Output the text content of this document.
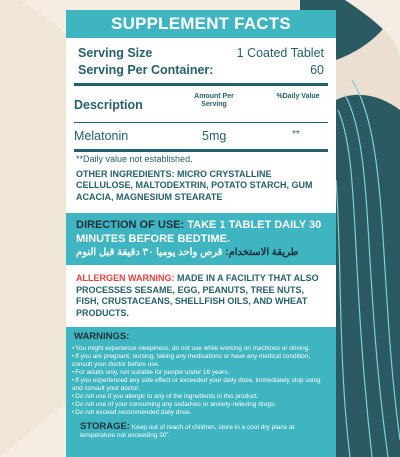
SUPPLEMENT FACTS
Serving Size	1 Coated Tablet
Serving Per Container:	60
Description
Amount Per Serving
%Daily Value
Melatonin	5mg	**
**Daily value not established.
OTHER INGREDIENTS: MICRO CRYSTALLINE CELLULOSE, MALTODEXTRIN, POTATO STARCH, GUM ACACIA, MAGNESIUM STEARATE
DIRECTION OF USE: TAKE 1 TABLET DAILY 30 MINUTES BEFORE BEDTIME.
طريقة الاستخدام: قرص واحد يوميا ٣٠ دقيقة قبل النوم
ALLERGEN WARNING: MADE IN A FACILITY THAT ALSO PROCESSES SESAME, EGG, PEANUTS, TREE NUTS, FISH, CRUSTACEANS, SHELLFISH OILS, AND WHEAT PRODUCTS.
WARNINGS:
• You might experience sleepiness, do not use while working on machines or driving.
• If you are pregnant, nursing, taking any medications or have any medical condition, consult your doctor before use.
• For adults only, not suitable for people under 18 years.
• If you experienced any side effect or exceeded your daily dose, immediately stop using and consult your doctor.
• Do not use if you allergic to any of the ingredients in this product.
• Do not use of your consuming any sedatives or anxiety-relieving drugs.
• Do not exceed recommended daily dose.
STORAGE: Keep out of reach of children, store in a cool dry place at temperature not exceeding 30˚.
